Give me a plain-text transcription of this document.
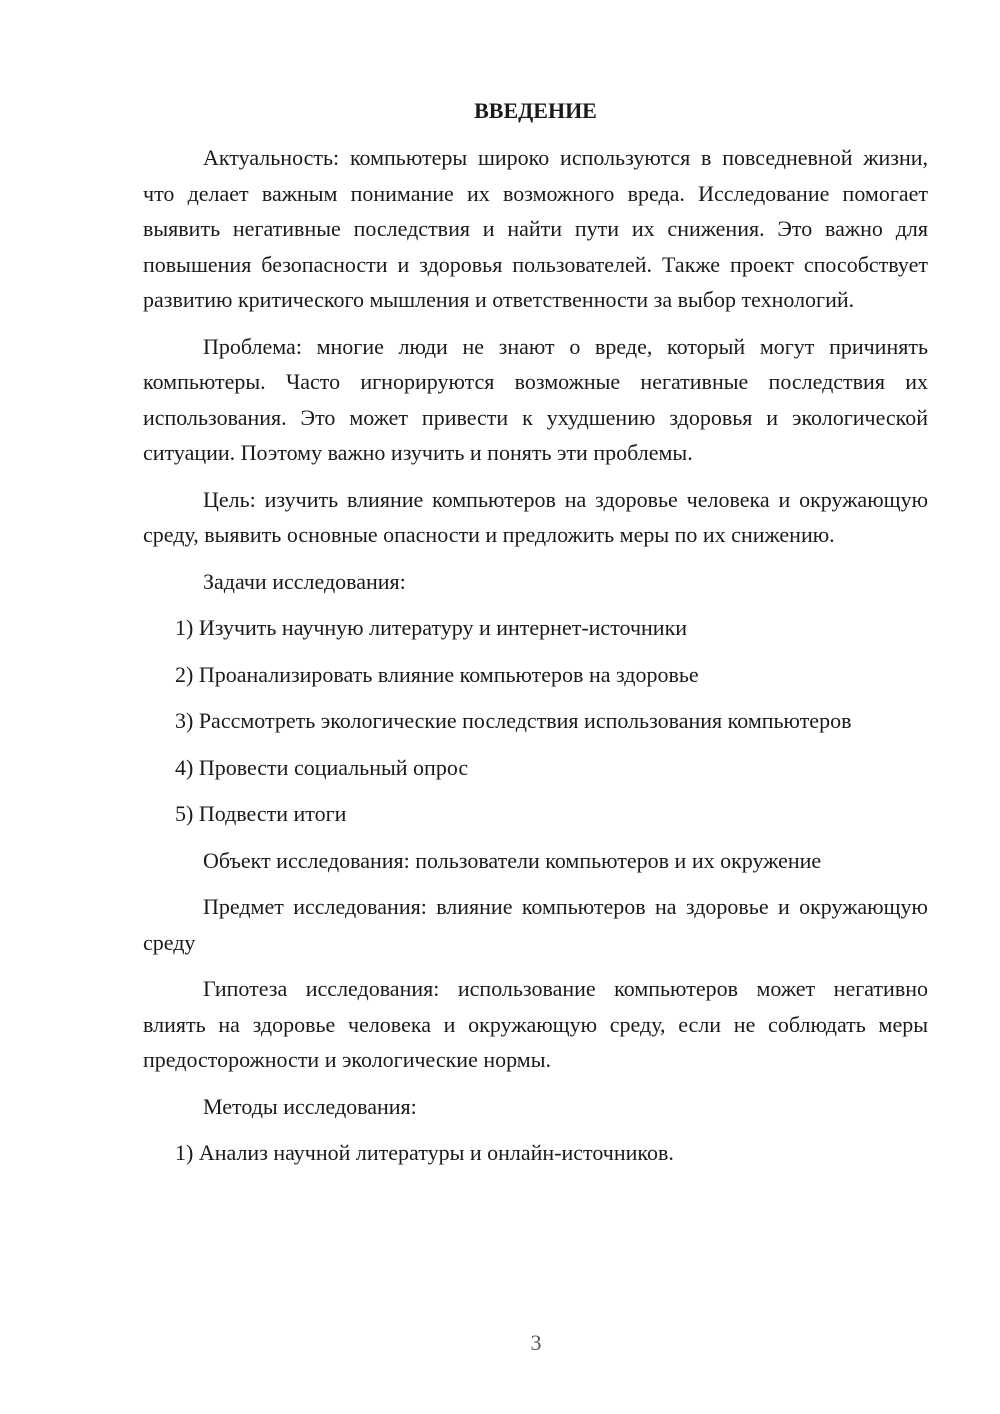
ВВЕДЕНИЕ

Актуальность: компьютеры широко используются в повседневной жизни, что делает важным понимание их возможного вреда. Исследование помогает выявить негативные последствия и найти пути их снижения. Это важно для повышения безопасности и здоровья пользователей. Также проект способствует развитию критического мышления и ответственности за выбор технологий.

Проблема: многие люди не знают о вреде, который могут причинять компьютеры. Часто игнорируются возможные негативные последствия их использования. Это может привести к ухудшению здоровья и экологической ситуации. Поэтому важно изучить и понять эти проблемы.

Цель: изучить влияние компьютеров на здоровье человека и окружающую среду, выявить основные опасности и предложить меры по их снижению.

Задачи исследования:

1) Изучить научную литературу и интернет-источники

2) Проанализировать влияние компьютеров на здоровье

3) Рассмотреть экологические последствия использования компьютеров

4) Провести социальный опрос

5) Подвести итоги

Объект исследования: пользователи компьютеров и их окружение

Предмет исследования: влияние компьютеров на здоровье и окружающую среду

Гипотеза исследования: использование компьютеров может негативно влиять на здоровье человека и окружающую среду, если не соблюдать меры предосторожности и экологические нормы.

Методы исследования:

1) Анализ научной литературы и онлайн-источников.

3
